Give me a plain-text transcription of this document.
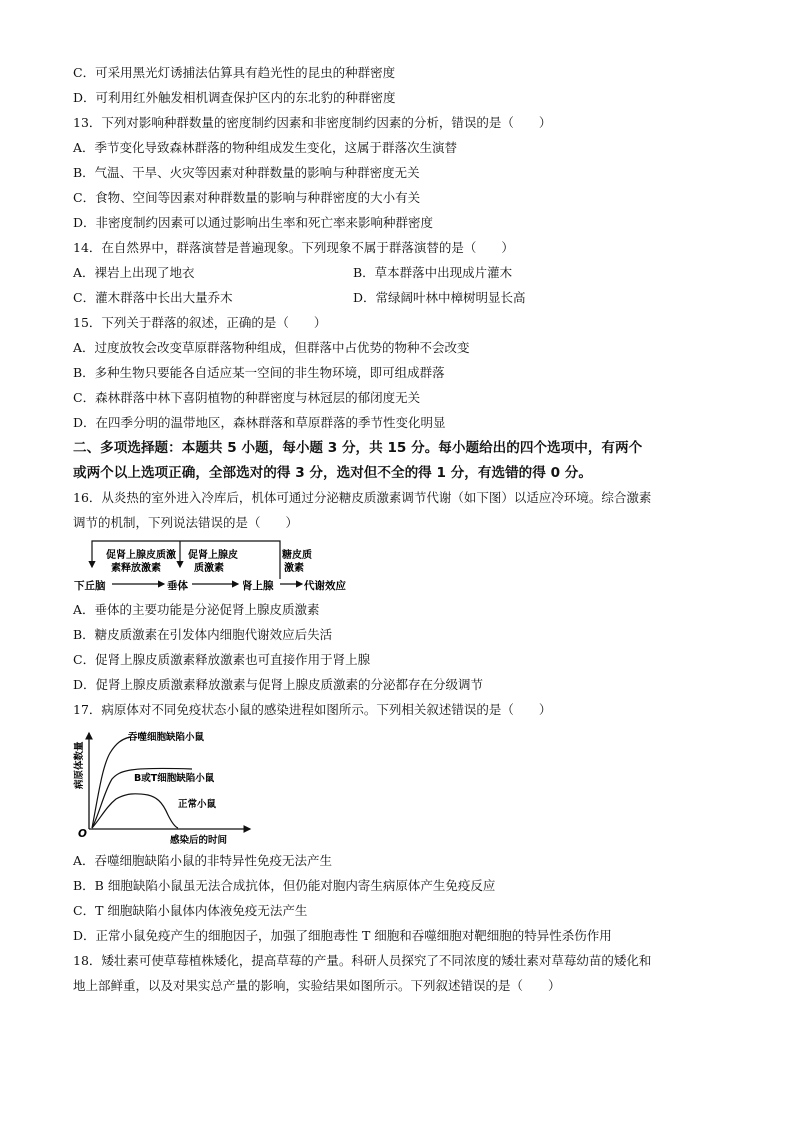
C．可采用黑光灯诱捕法估算具有趋光性的昆虫的种群密度
D．可利用红外触发相机调查保护区内的东北豹的种群密度
13．下列对影响种群数量的密度制约因素和非密度制约因素的分析，错误的是（　　）
A．季节变化导致森林群落的物种组成发生变化，这属于群落次生演替
B．气温、干旱、火灾等因素对种群数量的影响与种群密度无关
C．食物、空间等因素对种群数量的影响与种群密度的大小有关
D．非密度制约因素可以通过影响出生率和死亡率来影响种群密度
14．在自然界中，群落演替是普遍现象。下列现象不属于群落演替的是（　　）
A．裸岩上出现了地衣	B．草本群落中出现成片灌木
C．灌木群落中长出大量乔木	D．常绿阔叶林中樟树明显长高
15．下列关于群落的叙述，正确的是（　　）
A．过度放牧会改变草原群落物种组成，但群落中占优势的物种不会改变
B．多种生物只要能各自适应某一空间的非生物环境，即可组成群落
C．森林群落中林下喜阴植物的种群密度与林冠层的郁闭度无关
D．在四季分明的温带地区，森林群落和草原群落的季节性变化明显
二、多项选择题：本题共 5 小题，每小题 3 分，共 15 分。每小题给出的四个选项中，有两个
或两个以上选项正确，全部选对的得 3 分，选对但不全的得 1 分，有选错的得 0 分。
16．从炎热的室外进入冷库后，机体可通过分泌糖皮质激素调节代谢（如下图）以适应冷环境。综合激素
调节的机制，下列说法错误的是（　　）
下丘脑	垂体	肾上腺	代谢效应
促肾上腺皮质激
素释放激素
促肾上腺皮
质激素
糖皮质
激素
A．垂体的主要功能是分泌促肾上腺皮质激素
B．糖皮质激素在引发体内细胞代谢效应后失活
C．促肾上腺皮质激素释放激素也可直接作用于肾上腺
D．促肾上腺皮质激素释放激素与促肾上腺皮质激素的分泌都存在分级调节
17．病原体对不同免疫状态小鼠的感染进程如图所示。下列相关叙述错误的是（　　）
O
病原体数量
感染后的时间
吞噬细胞缺陷小鼠
B或T细胞缺陷小鼠
正常小鼠
A．吞噬细胞缺陷小鼠的非特异性免疫无法产生
B．B 细胞缺陷小鼠虽无法合成抗体，但仍能对胞内寄生病原体产生免疫反应
C．T 细胞缺陷小鼠体内体液免疫无法产生
D．正常小鼠免疫产生的细胞因子，加强了细胞毒性 T 细胞和吞噬细胞对靶细胞的特异性杀伤作用
18．矮壮素可使草莓植株矮化，提高草莓的产量。科研人员探究了不同浓度的矮壮素对草莓幼苗的矮化和
地上部鲜重，以及对果实总产量的影响，实验结果如图所示。下列叙述错误的是（　　）
